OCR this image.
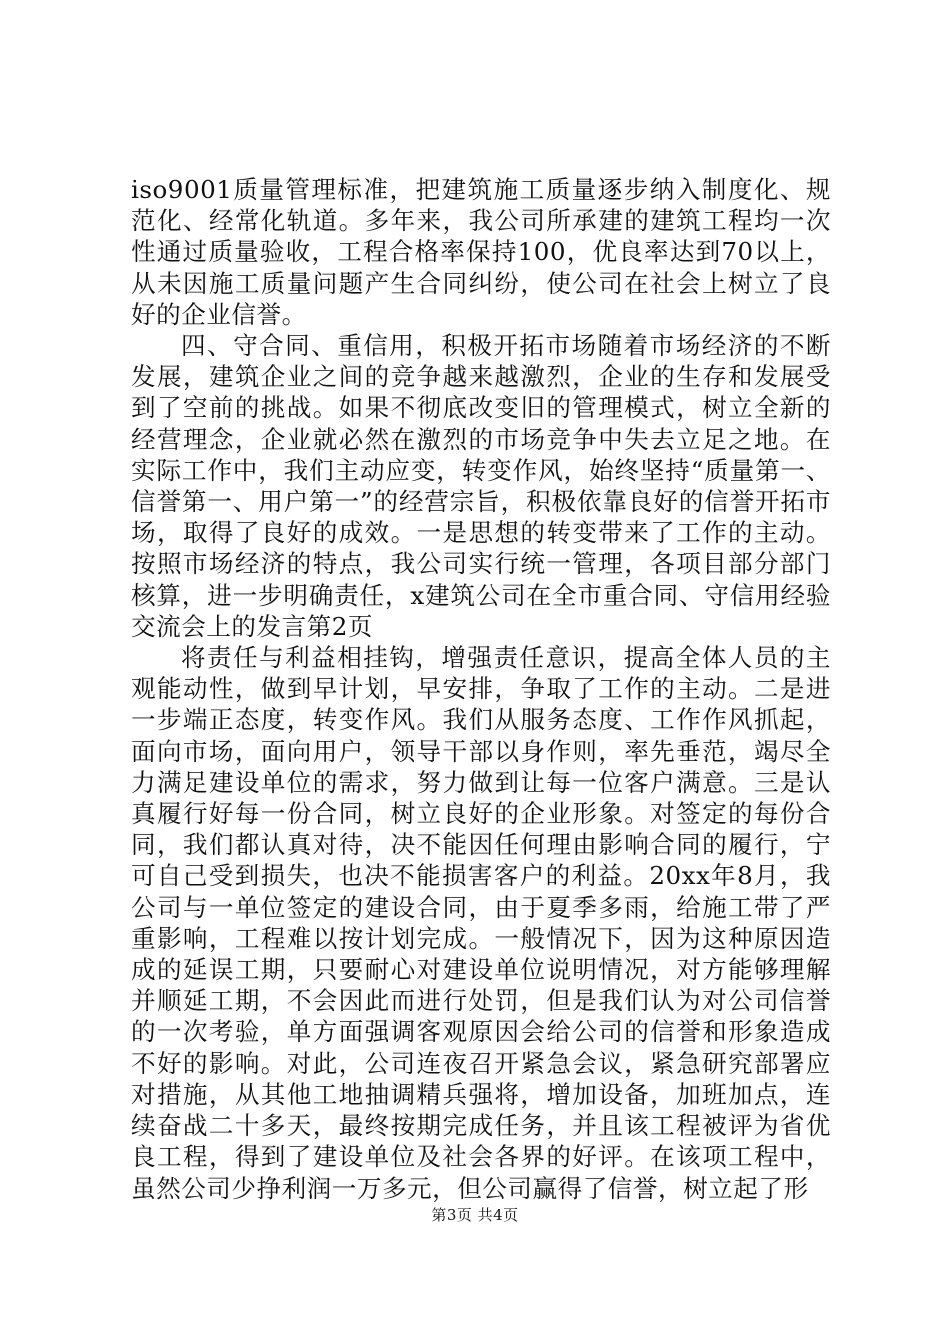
iso9001质量管理标准，把建筑施工质量逐步纳入制度化、规范化、经常化轨道。多年来，我公司所承建的建筑工程均一次性通过质量验收，工程合格率保持100，优良率达到70以上，从未因施工质量问题产生合同纠纷，使公司在社会上树立了良好的企业信誉。

四、守合同、重信用，积极开拓市场随着市场经济的不断发展，建筑企业之间的竞争越来越激烈，企业的生存和发展受到了空前的挑战。如果不彻底改变旧的管理模式，树立全新的经营理念，企业就必然在激烈的市场竞争中失去立足之地。在实际工作中，我们主动应变，转变作风，始终坚持“质量第一、信誉第一、用户第一”的经营宗旨，积极依靠良好的信誉开拓市场，取得了良好的成效。一是思想的转变带来了工作的主动。按照市场经济的特点，我公司实行统一管理，各项目部分部门核算，进一步明确责任，x建筑公司在全市重合同、守信用经验交流会上的发言第2页

将责任与利益相挂钩，增强责任意识，提高全体人员的主观能动性，做到早计划，早安排，争取了工作的主动。二是进一步端正态度，转变作风。我们从服务态度、工作作风抓起，面向市场，面向用户，领导干部以身作则，率先垂范，竭尽全力满足建设单位的需求，努力做到让每一位客户满意。三是认真履行好每一份合同，树立良好的企业形象。对签定的每份合同，我们都认真对待，决不能因任何理由影响合同的履行，宁可自己受到损失，也决不能损害客户的利益。20xx年8月，我公司与一单位签定的建设合同，由于夏季多雨，给施工带了严重影响，工程难以按计划完成。一般情况下，因为这种原因造成的延误工期，只要耐心对建设单位说明情况，对方能够理解并顺延工期，不会因此而进行处罚，但是我们认为对公司信誉的一次考验，单方面强调客观原因会给公司的信誉和形象造成不好的影响。对此，公司连夜召开紧急会议，紧急研究部署应对措施，从其他工地抽调精兵强将，增加设备，加班加点，连续奋战二十多天，最终按期完成任务，并且该工程被评为省优良工程，得到了建设单位及社会各界的好评。在该项工程中，虽然公司少挣利润一万多元，但公司赢得了信誉，树立起了形

第3页 共4页
